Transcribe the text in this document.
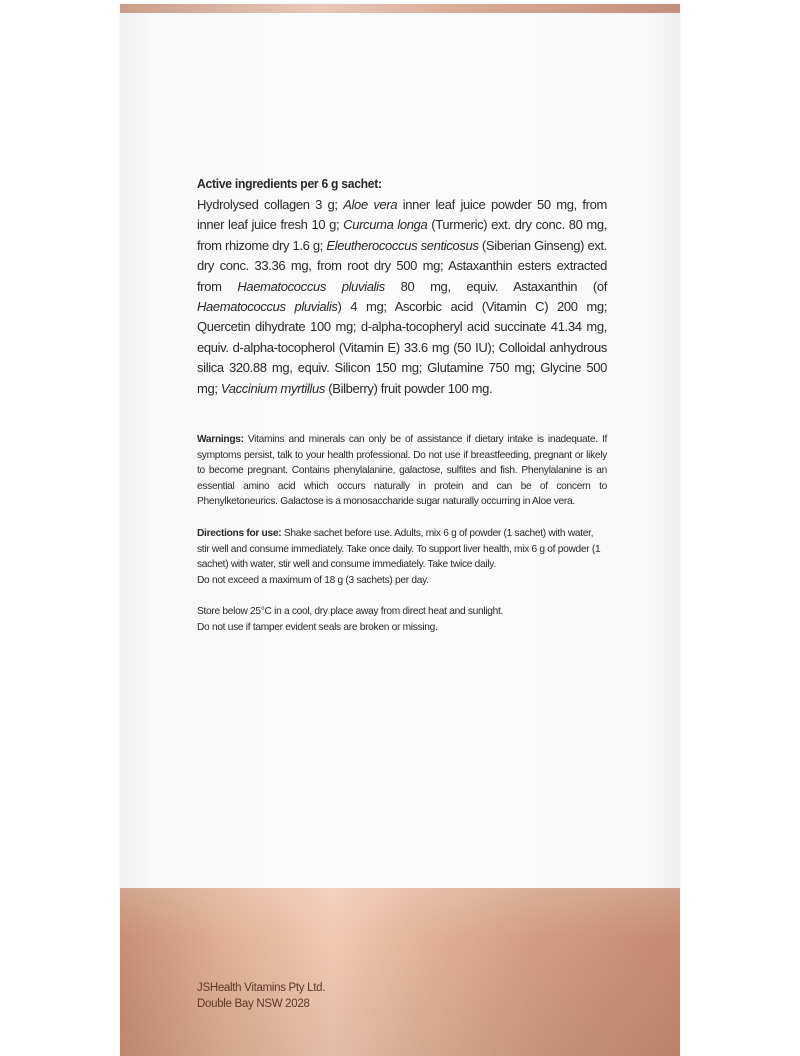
Active ingredients per 6 g sachet:

Hydrolysed collagen 3 g; Aloe vera inner leaf juice powder 50 mg, from inner leaf juice fresh 10 g; Curcuma longa (Turmeric) ext. dry conc. 80 mg, from rhizome dry 1.6 g; Eleutherococcus senticosus (Siberian Ginseng) ext. dry conc. 33.36 mg, from root dry 500 mg; Astaxanthin esters extracted from Haematococcus pluvialis 80 mg, equiv. Astaxanthin (of Haematococcus pluvialis) 4 mg; Ascorbic acid (Vitamin C) 200 mg; Quercetin dihydrate 100 mg; d-alpha-tocopheryl acid succinate 41.34 mg, equiv. d-alpha-tocopherol (Vitamin E) 33.6 mg (50 IU); Colloidal anhydrous silica 320.88 mg, equiv. Silicon 150 mg; Glutamine 750 mg; Glycine 500 mg; Vaccinium myrtillus (Bilberry) fruit powder 100 mg.

Warnings: Vitamins and minerals can only be of assistance if dietary intake is inadequate. If symptoms persist, talk to your health professional. Do not use if breastfeeding, pregnant or likely to become pregnant. Contains phenylalanine, galactose, sulfites and fish. Phenylalanine is an essential amino acid which occurs naturally in protein and can be of concern to Phenylketoneurics. Galactose is a monosaccharide sugar naturally occurring in Aloe vera.
Directions for use: Shake sachet before use. Adults, mix 6 g of powder (1 sachet) with water, stir well and consume immediately. Take once daily. To support liver health, mix 6 g of powder (1 sachet) with water, stir well and consume immediately. Take twice daily.
Do not exceed a maximum of 18 g (3 sachets) per day.
Store below 25°C in a cool, dry place away from direct heat and sunlight.
Do not use if tamper evident seals are broken or missing.
JSHealth Vitamins Pty Ltd.
Double Bay NSW 2028
